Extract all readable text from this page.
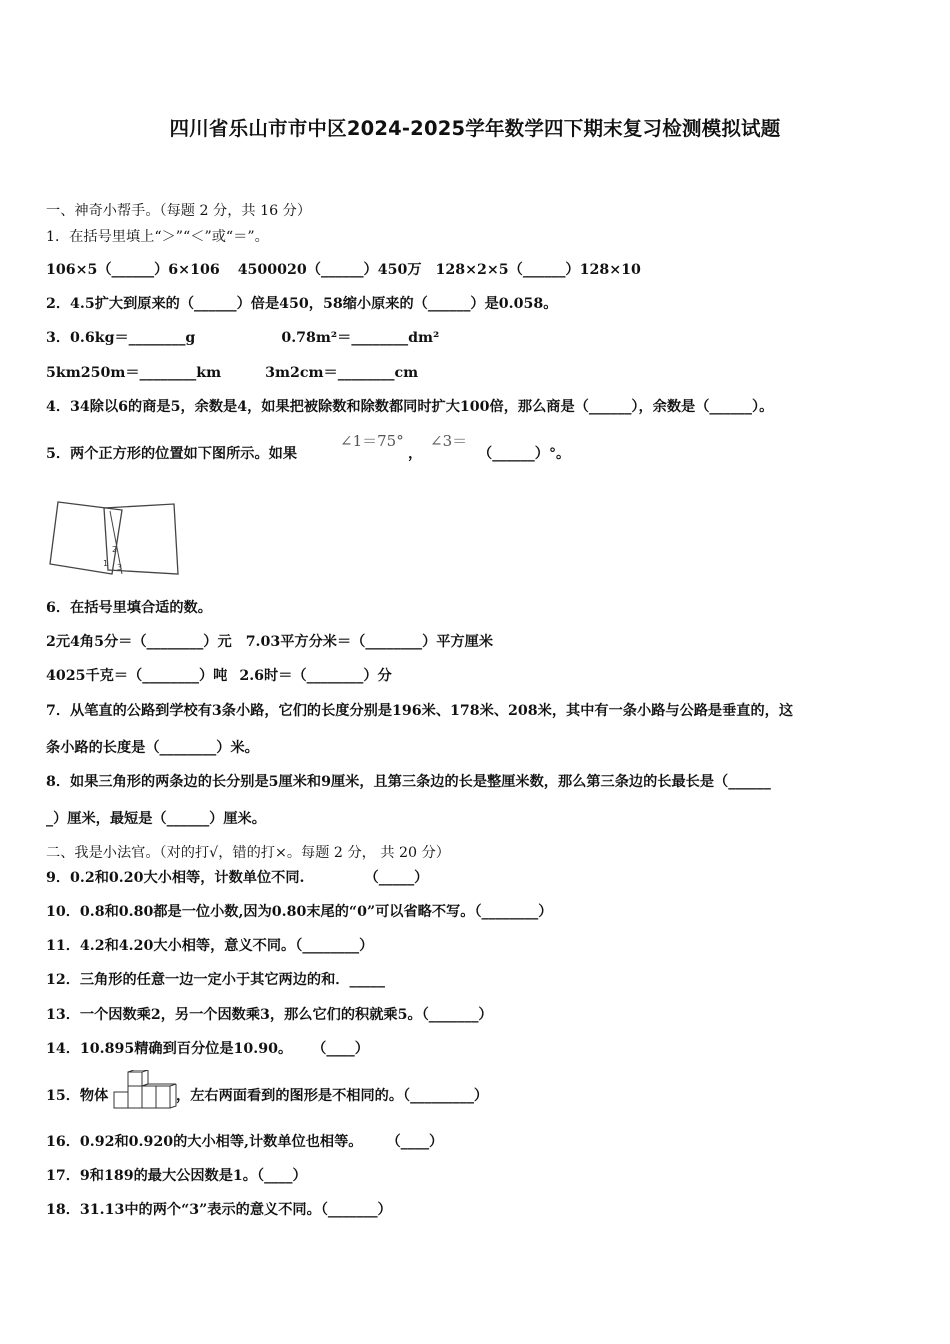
四川省乐山市市中区2024-2025学年数学四下期末复习检测模拟试题
一、神奇小帮手。（每题 2 分，共 16 分）
1．在括号里填上“＞”“＜”或“＝”。
106×5（______）6×106 4500020（______）450万 128×2×5（______）128×10
2．4.5扩大到原来的（______）倍是450，58缩小原来的（______）是0.058。
3．0.6kg＝________g	0.78m²＝________dm²
5km250m＝________km	3m2cm＝________cm
4．34除以6的商是5，余数是4，如果把被除数和除数都同时扩大100倍，那么商是（______），余数是（______）。
5．两个正方形的位置如下图所示。如果
∠1＝75°
，
∠3＝
（______）°。
1
2
3
6．在括号里填合适的数。
2元4角5分＝（________）元 7.03平方分米＝（________）平方厘米
4025千克＝（________）吨 2.6时＝（________）分
7．从笔直的公路到学校有3条小路，它们的长度分别是196米、178米、208米，其中有一条小路与公路是垂直的，这
条小路的长度是（________）米。
8．如果三角形的两条边的长分别是5厘米和9厘米，且第三条边的长是整厘米数，那么第三条边的长最长是（______
_）厘米，最短是（______）厘米。
二、我是小法官。（对的打√，错的打×。每题 2 分， 共 20 分）
9．0.2和0.20大小相等，计数单位不同.	（_____）
10．0.8和0.80都是一位小数,因为0.80末尾的“0”可以省略不写。（________）
11．4.2和4.20大小相等，意义不同。（________）
12．三角形的任意一边一定小于其它两边的和．_____
13．一个因数乘2，另一个因数乘3，那么它们的积就乘5。（_______）
14．10.895精确到百分位是10.90。 （____）
15．物体	，左右两面看到的图形是不相同的。（_________）
16．0.92和0.920的大小相等,计数单位也相等。 （____）
17．9和189的最大公因数是1。（____）
18．31.13中的两个“3”表示的意义不同。（_______）
